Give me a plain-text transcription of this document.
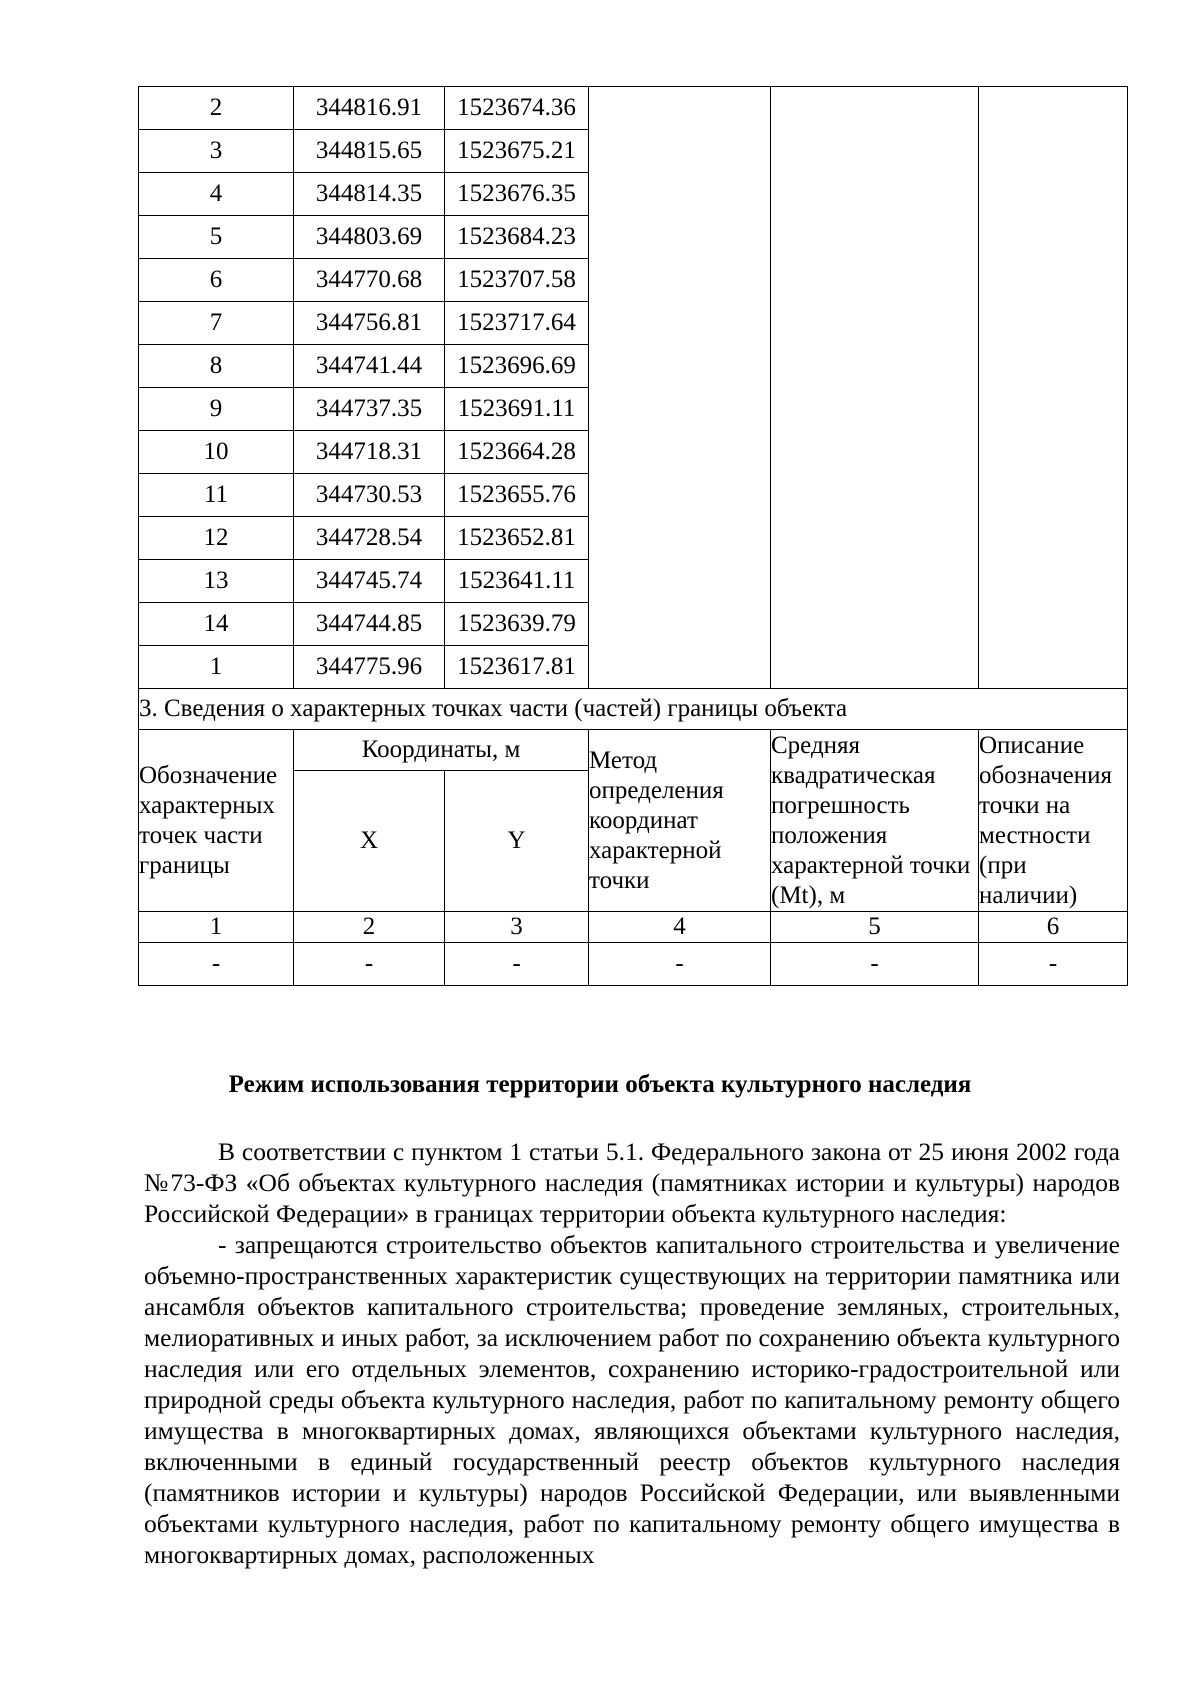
2	344816.91	1523674.36			
3	344815.65	1523675.21			
4	344814.35	1523676.35			
5	344803.69	1523684.23			
6	344770.68	1523707.58			
7	344756.81	1523717.64			
8	344741.44	1523696.69			
9	344737.35	1523691.11			
10	344718.31	1523664.28			
11	344730.53	1523655.76			
12	344728.54	1523652.81			
13	344745.74	1523641.11			
14	344744.85	1523639.79			
1	344775.96	1523617.81			
3. Сведения о характерных точках части (частей) границы объекта					
Обозначение характерных точек части границы	Координаты, м		Метод определения координат характерной точки	Средняя квадратическая погрешность положения характерной точки (Mt), м	Описание обозначения точки на местности (при наличии)
	X	Y			
1	2	3	4	5	6
-	-	-	-	-	-
Режим использования территории объекта культурного наследия

В соответствии с пунктом 1 статьи 5.1. Федерального закона от 25 июня 2002 года №73-ФЗ «Об объектах культурного наследия (памятниках истории и культуры) народов Российской Федерации» в границах территории объекта культурного наследия:

- запрещаются строительство объектов капитального строительства и увеличение объемно-пространственных характеристик существующих на территории памятника или ансамбля объектов капитального строительства; проведение земляных, строительных, мелиоративных и иных работ, за исключением работ по сохранению объекта культурного наследия или его отдельных элементов, сохранению историко-градостроительной или природной среды объекта культурного наследия, работ по капитальному ремонту общего имущества в многоквартирных домах, являющихся объектами культурного наследия, включенными в единый государственный реестр объектов культурного наследия (памятников истории и культуры) народов Российской Федерации, или выявленными объектами культурного наследия, работ по капитальному ремонту общего имущества в многоквартирных домах, расположенных
